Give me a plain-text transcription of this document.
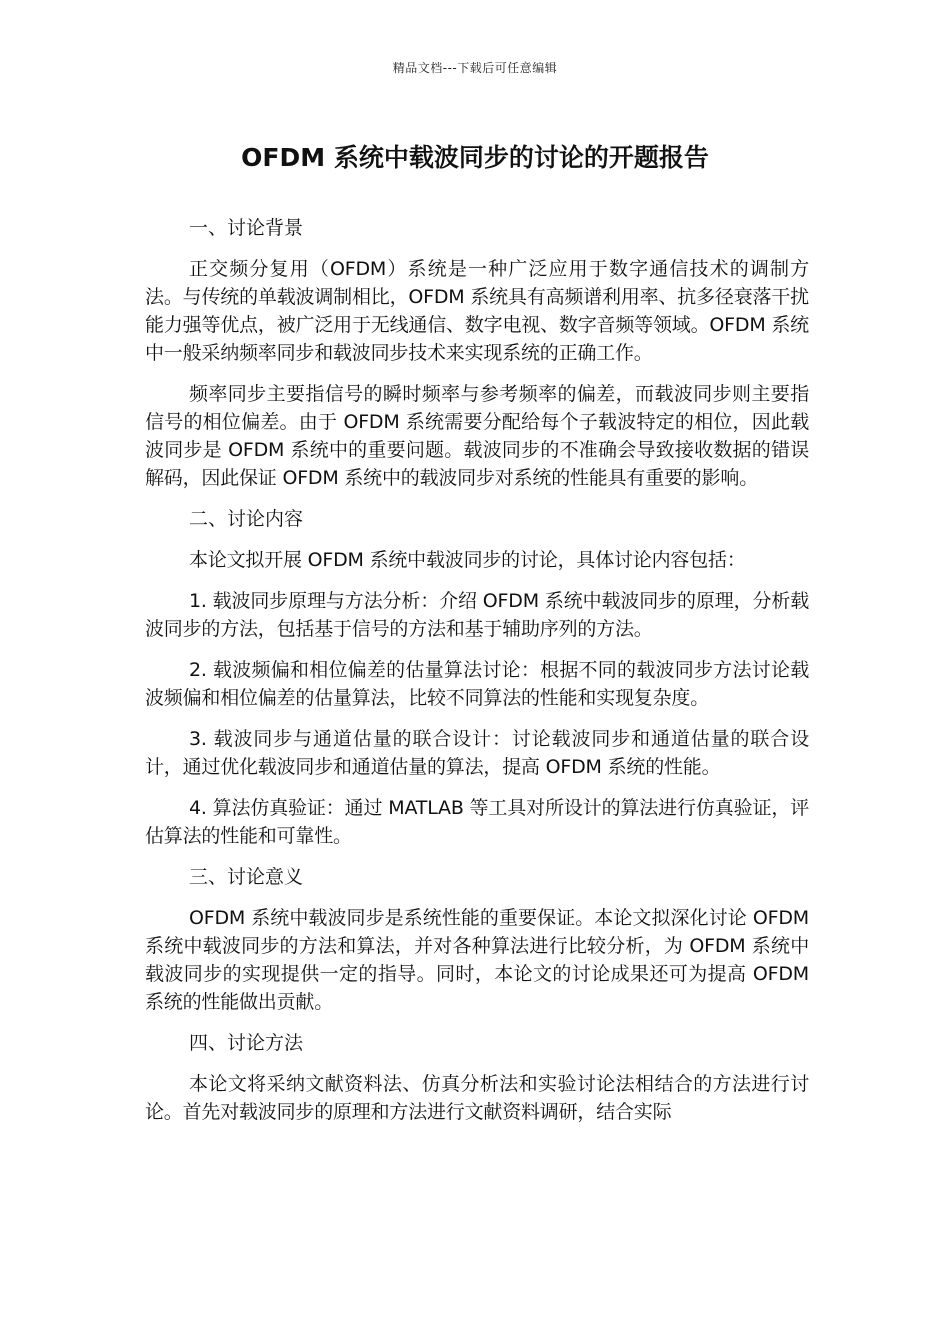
精品文档---下载后可任意编辑
OFDM 系统中载波同步的讨论的开题报告
一、讨论背景

正交频分复用（OFDM）系统是一种广泛应用于数字通信技术的调制方法。与传统的单载波调制相比，OFDM 系统具有高频谱利用率、抗多径衰落干扰能力强等优点，被广泛用于无线通信、数字电视、数字音频等领域。OFDM 系统中一般采纳频率同步和载波同步技术来实现系统的正确工作。

频率同步主要指信号的瞬时频率与参考频率的偏差，而载波同步则主要指信号的相位偏差。由于 OFDM 系统需要分配给每个子载波特定的相位，因此载波同步是 OFDM 系统中的重要问题。载波同步的不准确会导致接收数据的错误解码，因此保证 OFDM 系统中的载波同步对系统的性能具有重要的影响。

二、讨论内容

本论文拟开展 OFDM 系统中载波同步的讨论，具体讨论内容包括：

1. 载波同步原理与方法分析：介绍 OFDM 系统中载波同步的原理，分析载波同步的方法，包括基于信号的方法和基于辅助序列的方法。

2. 载波频偏和相位偏差的估量算法讨论：根据不同的载波同步方法讨论载波频偏和相位偏差的估量算法，比较不同算法的性能和实现复杂度。

3. 载波同步与通道估量的联合设计：讨论载波同步和通道估量的联合设计，通过优化载波同步和通道估量的算法，提高 OFDM 系统的性能。

4. 算法仿真验证：通过 MATLAB 等工具对所设计的算法进行仿真验证，评估算法的性能和可靠性。

三、讨论意义

OFDM 系统中载波同步是系统性能的重要保证。本论文拟深化讨论 OFDM 系统中载波同步的方法和算法，并对各种算法进行比较分析，为 OFDM 系统中载波同步的实现提供一定的指导。同时，本论文的讨论成果还可为提高 OFDM 系统的性能做出贡献。

四、讨论方法

本论文将采纳文献资料法、仿真分析法和实验讨论法相结合的方法进行讨论。首先对载波同步的原理和方法进行文献资料调研，结合实际
